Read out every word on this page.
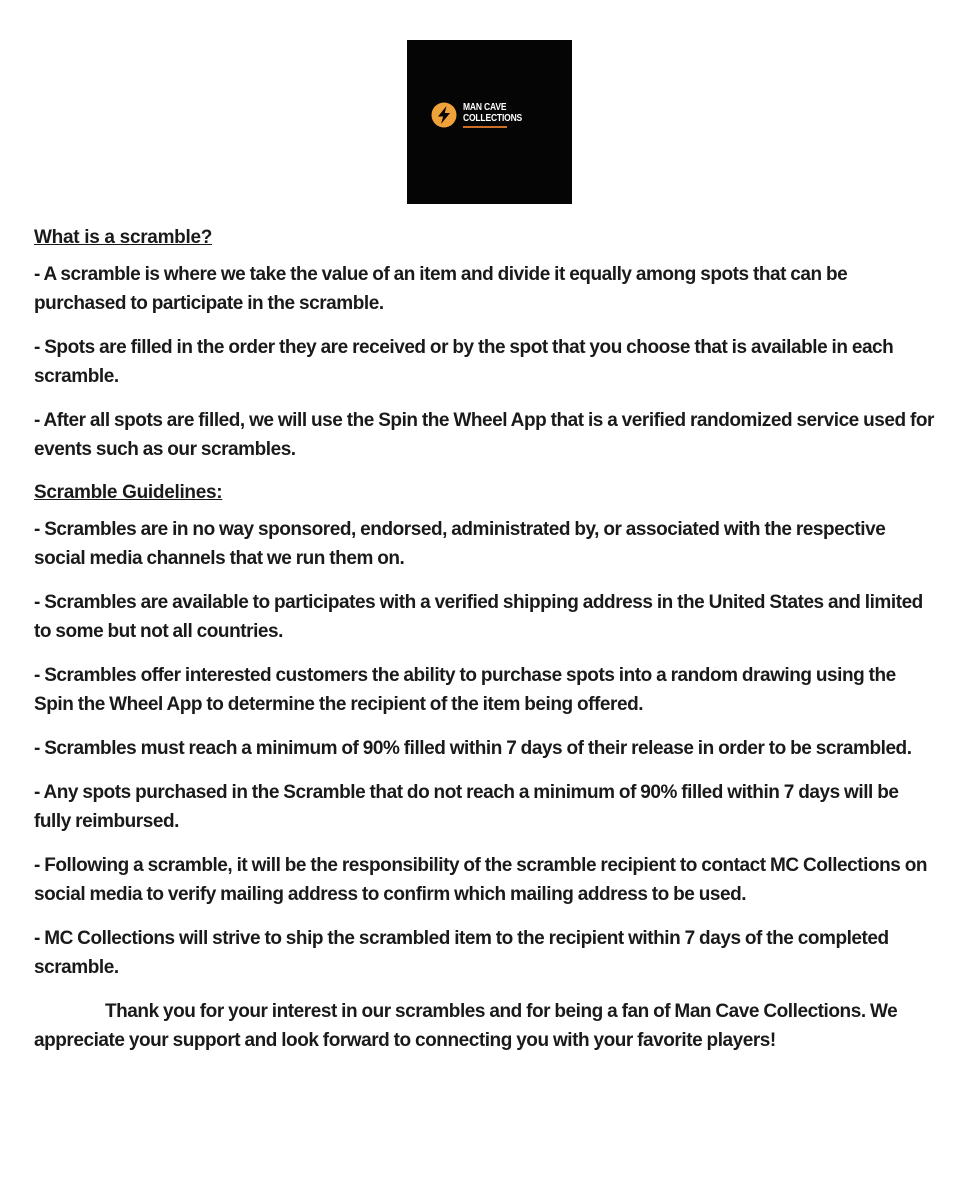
MAN CAVE
COLLECTIONS
What is a scramble?

- A scramble is where we take the value of an item and divide it equally among spots that can be purchased to participate in the scramble.

- Spots are filled in the order they are received or by the spot that you choose that is available in each scramble.

- After all spots are filled, we will use the Spin the Wheel App that is a verified randomized service used for events such as our scrambles.

Scramble Guidelines:

- Scrambles are in no way sponsored, endorsed, administrated by, or associated with the respective social media channels that we run them on.

- Scrambles are available to participates with a verified shipping address in the United States and limited to some but not all countries.

- Scrambles offer interested customers the ability to purchase spots into a random drawing using the Spin the Wheel App to determine the recipient of the item being offered.

- Scrambles must reach a minimum of 90% filled within 7 days of their release in order to be scrambled.

- Any spots purchased in the Scramble that do not reach a minimum of 90% filled within 7 days will be fully reimbursed.

- Following a scramble, it will be the responsibility of the scramble recipient to contact MC Collections on social media to verify mailing address to confirm which mailing address to be used.

- MC Collections will strive to ship the scrambled item to the recipient within 7 days of the completed scramble.

Thank you for your interest in our scrambles and for being a fan of Man Cave Collections. We appreciate your support and look forward to connecting you with your favorite players!
